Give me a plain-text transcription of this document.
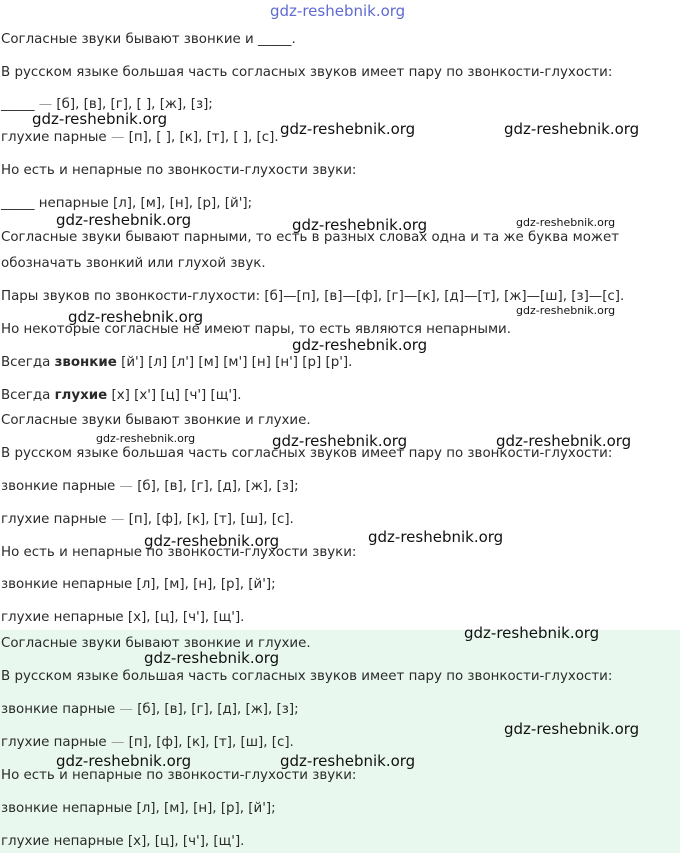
gdz-reshebnik.org
Согласные звуки бывают звонкие и _____.
В русском языке большая часть согласных звуков имеет пару по звонкости-глухости:
_____ — [б], [в], [г], [ ], [ж], [з];
глухие парные — [п], [ ], [к], [т], [ ], [с].
Но есть и непарные по звонкости-глухости звуки:
_____ непарные [л], [м], [н], [р], [й'];
Согласные звуки бывают парными, то есть в разных словах одна и та же буква может
обозначать звонкий или глухой звук.
Пары звуков по звонкости-глухости: [б]—[п], [в]—[ф], [г]—[к], [д]—[т], [ж]—[ш], [з]—[с].
Но некоторые согласные не имеют пары, то есть являются непарными.
Всегда звонкие [й'] [л] [л'] [м] [м'] [н] [н'] [р] [р'].
Всегда глухие [х] [х'] [ц] [ч'] [щ'].
Согласные звуки бывают звонкие и глухие.
В русском языке большая часть согласных звуков имеет пару по звонкости-глухости:
звонкие парные — [б], [в], [г], [д], [ж], [з];
глухие парные — [п], [ф], [к], [т], [ш], [с].
Но есть и непарные по звонкости-глухости звуки:
звонкие непарные [л], [м], [н], [р], [й'];
глухие непарные [х], [ц], [ч'], [щ'].
Согласные звуки бывают звонкие и глухие.
В русском языке большая часть согласных звуков имеет пару по звонкости-глухости:
звонкие парные — [б], [в], [г], [д], [ж], [з];
глухие парные — [п], [ф], [к], [т], [ш], [с].
Но есть и непарные по звонкости-глухости звуки:
звонкие непарные [л], [м], [н], [р], [й'];
глухие непарные [х], [ц], [ч'], [щ'].
gdz-reshebnik.org
gdz-reshebnik.org	gdz-reshebnik.org
gdz-reshebnik.org	gdz-reshebnik.org	gdz-reshebnik.org
gdz-reshebnik.org
gdz-reshebnik.org
gdz-reshebnik.org
gdz-reshebnik.org	gdz-reshebnik.org	gdz-reshebnik.org
gdz-reshebnik.org	gdz-reshebnik.org
gdz-reshebnik.org
gdz-reshebnik.org
gdz-reshebnik.org
gdz-reshebnik.org	gdz-reshebnik.org
